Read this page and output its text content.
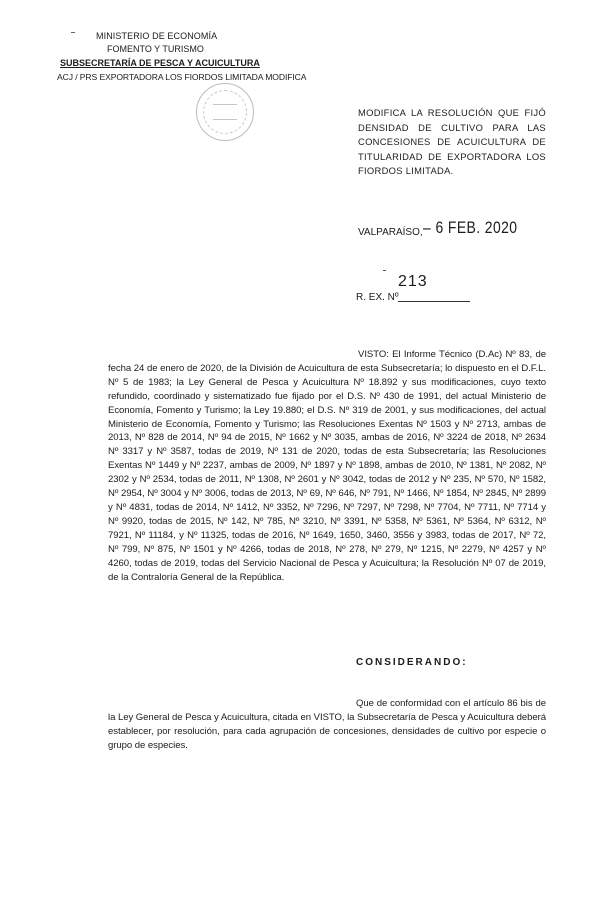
MINISTERIO DE ECONOMÍA
FOMENTO Y TURISMO
SUBSECRETARÍA DE PESCA Y ACUICULTURA
ACJ / PRS EXPORTADORA LOS FIORDOS LIMITADA MODIFICA
MODIFICA LA RESOLUCIÓN QUE FIJÓ DENSIDAD DE CULTIVO PARA LAS CONCESIONES DE ACUICULTURA DE TITULARIDAD DE EXPORTADORA LOS FIORDOS LIMITADA.
VALPARAÍSO, – 6 FEB. 2020
213
R. EX. Nº
VISTO: El Informe Técnico (D.Ac) Nº 83, de fecha 24 de enero de 2020, de la División de Acuicultura de esta Subsecretaría; lo dispuesto en el D.F.L. Nº 5 de 1983; la Ley General de Pesca y Acuicultura Nº 18.892 y sus modificaciones, cuyo texto refundido, coordinado y sistematizado fue fijado por el D.S. Nº 430 de 1991, del actual Ministerio de Economía, Fomento y Turismo; la Ley 19.880; el D.S. Nº 319 de 2001, y sus modificaciones, del actual Ministerio de Economía, Fomento y Turismo; las Resoluciones Exentas Nº 1503 y Nº 2713, ambas de 2013, Nº 828 de 2014, Nº 94 de 2015, Nº 1662 y Nº 3035, ambas de 2016, Nº 3224 de 2018, Nº 2634 Nº 3317 y Nº 3587, todas de 2019, Nº 131 de 2020, todas de esta Subsecretaría; las Resoluciones Exentas Nº 1449 y Nº 2237, ambas de 2009, Nº 1897 y Nº 1898, ambas de 2010, Nº 1381, Nº 2082, Nº 2302 y Nº 2534, todas de 2011, Nº 1308, Nº 2601 y Nº 3042, todas de 2012 y Nº 235, Nº 570, Nº 1582, Nº 2954, Nº 3004 y Nº 3006, todas de 2013, Nº 69, Nº 646, Nº 791, Nº 1466, Nº 1854, Nº 2845, Nº 2899 y Nº 4831, todas de 2014, Nº 1412, Nº 3352, Nº 7296, Nº 7297, Nº 7298, Nº 7704, Nº 7711, Nº 7714 y Nº 9920, todas de 2015, Nº 142, Nº 785, Nº 3210, Nº 3391, Nº 5358, Nº 5361, Nº 5364, Nº 6312, Nº 7921, Nº 11184, y Nº 11325, todas de 2016, Nº 1649, 1650, 3460, 3556 y 3983, todas de 2017, Nº 72, Nº 799, Nº 875, Nº 1501 y Nº 4266, todas de 2018, Nº 278, Nº 279, Nº 1215, Nº 2279, Nº 4257 y Nº 4260, todas de 2019, todas del Servicio Nacional de Pesca y Acuicultura; la Resolución Nº 07 de 2019, de la Contraloría General de la República.
CONSIDERANDO:
Que de conformidad con el artículo 86 bis de la Ley General de Pesca y Acuicultura, citada en VISTO, la Subsecretaría de Pesca y Acuicultura deberá establecer, por resolución, para cada agrupación de concesiones, densidades de cultivo por especie o grupo de especies.
